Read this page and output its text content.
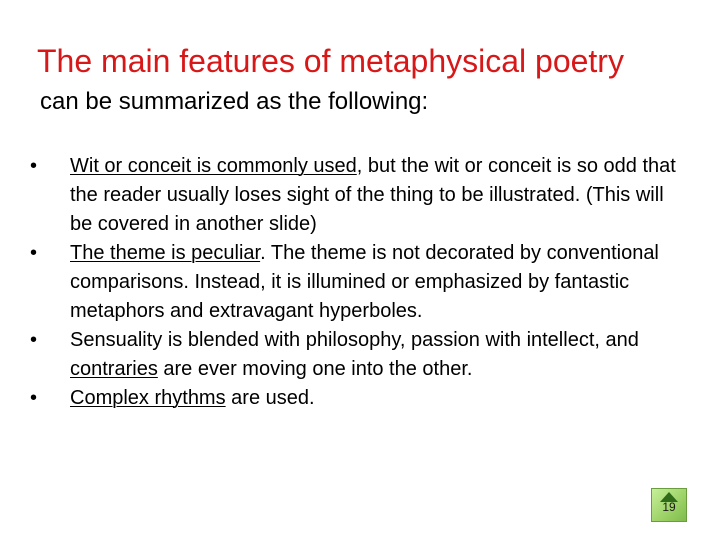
The main features of metaphysical poetry
can be summarized as the following:
•	Wit or conceit is commonly used, but the wit or conceit is so odd that the reader usually loses sight of the thing to be illustrated. (This will be covered in another slide)
•	The theme is peculiar. The theme is not decorated by conventional comparisons. Instead, it is illumined or emphasized by fantastic metaphors and extravagant hyperboles.
•	Sensuality is blended with philosophy, passion with intellect, and contraries are ever moving one into the other.
•	Complex rhythms are used.
19
